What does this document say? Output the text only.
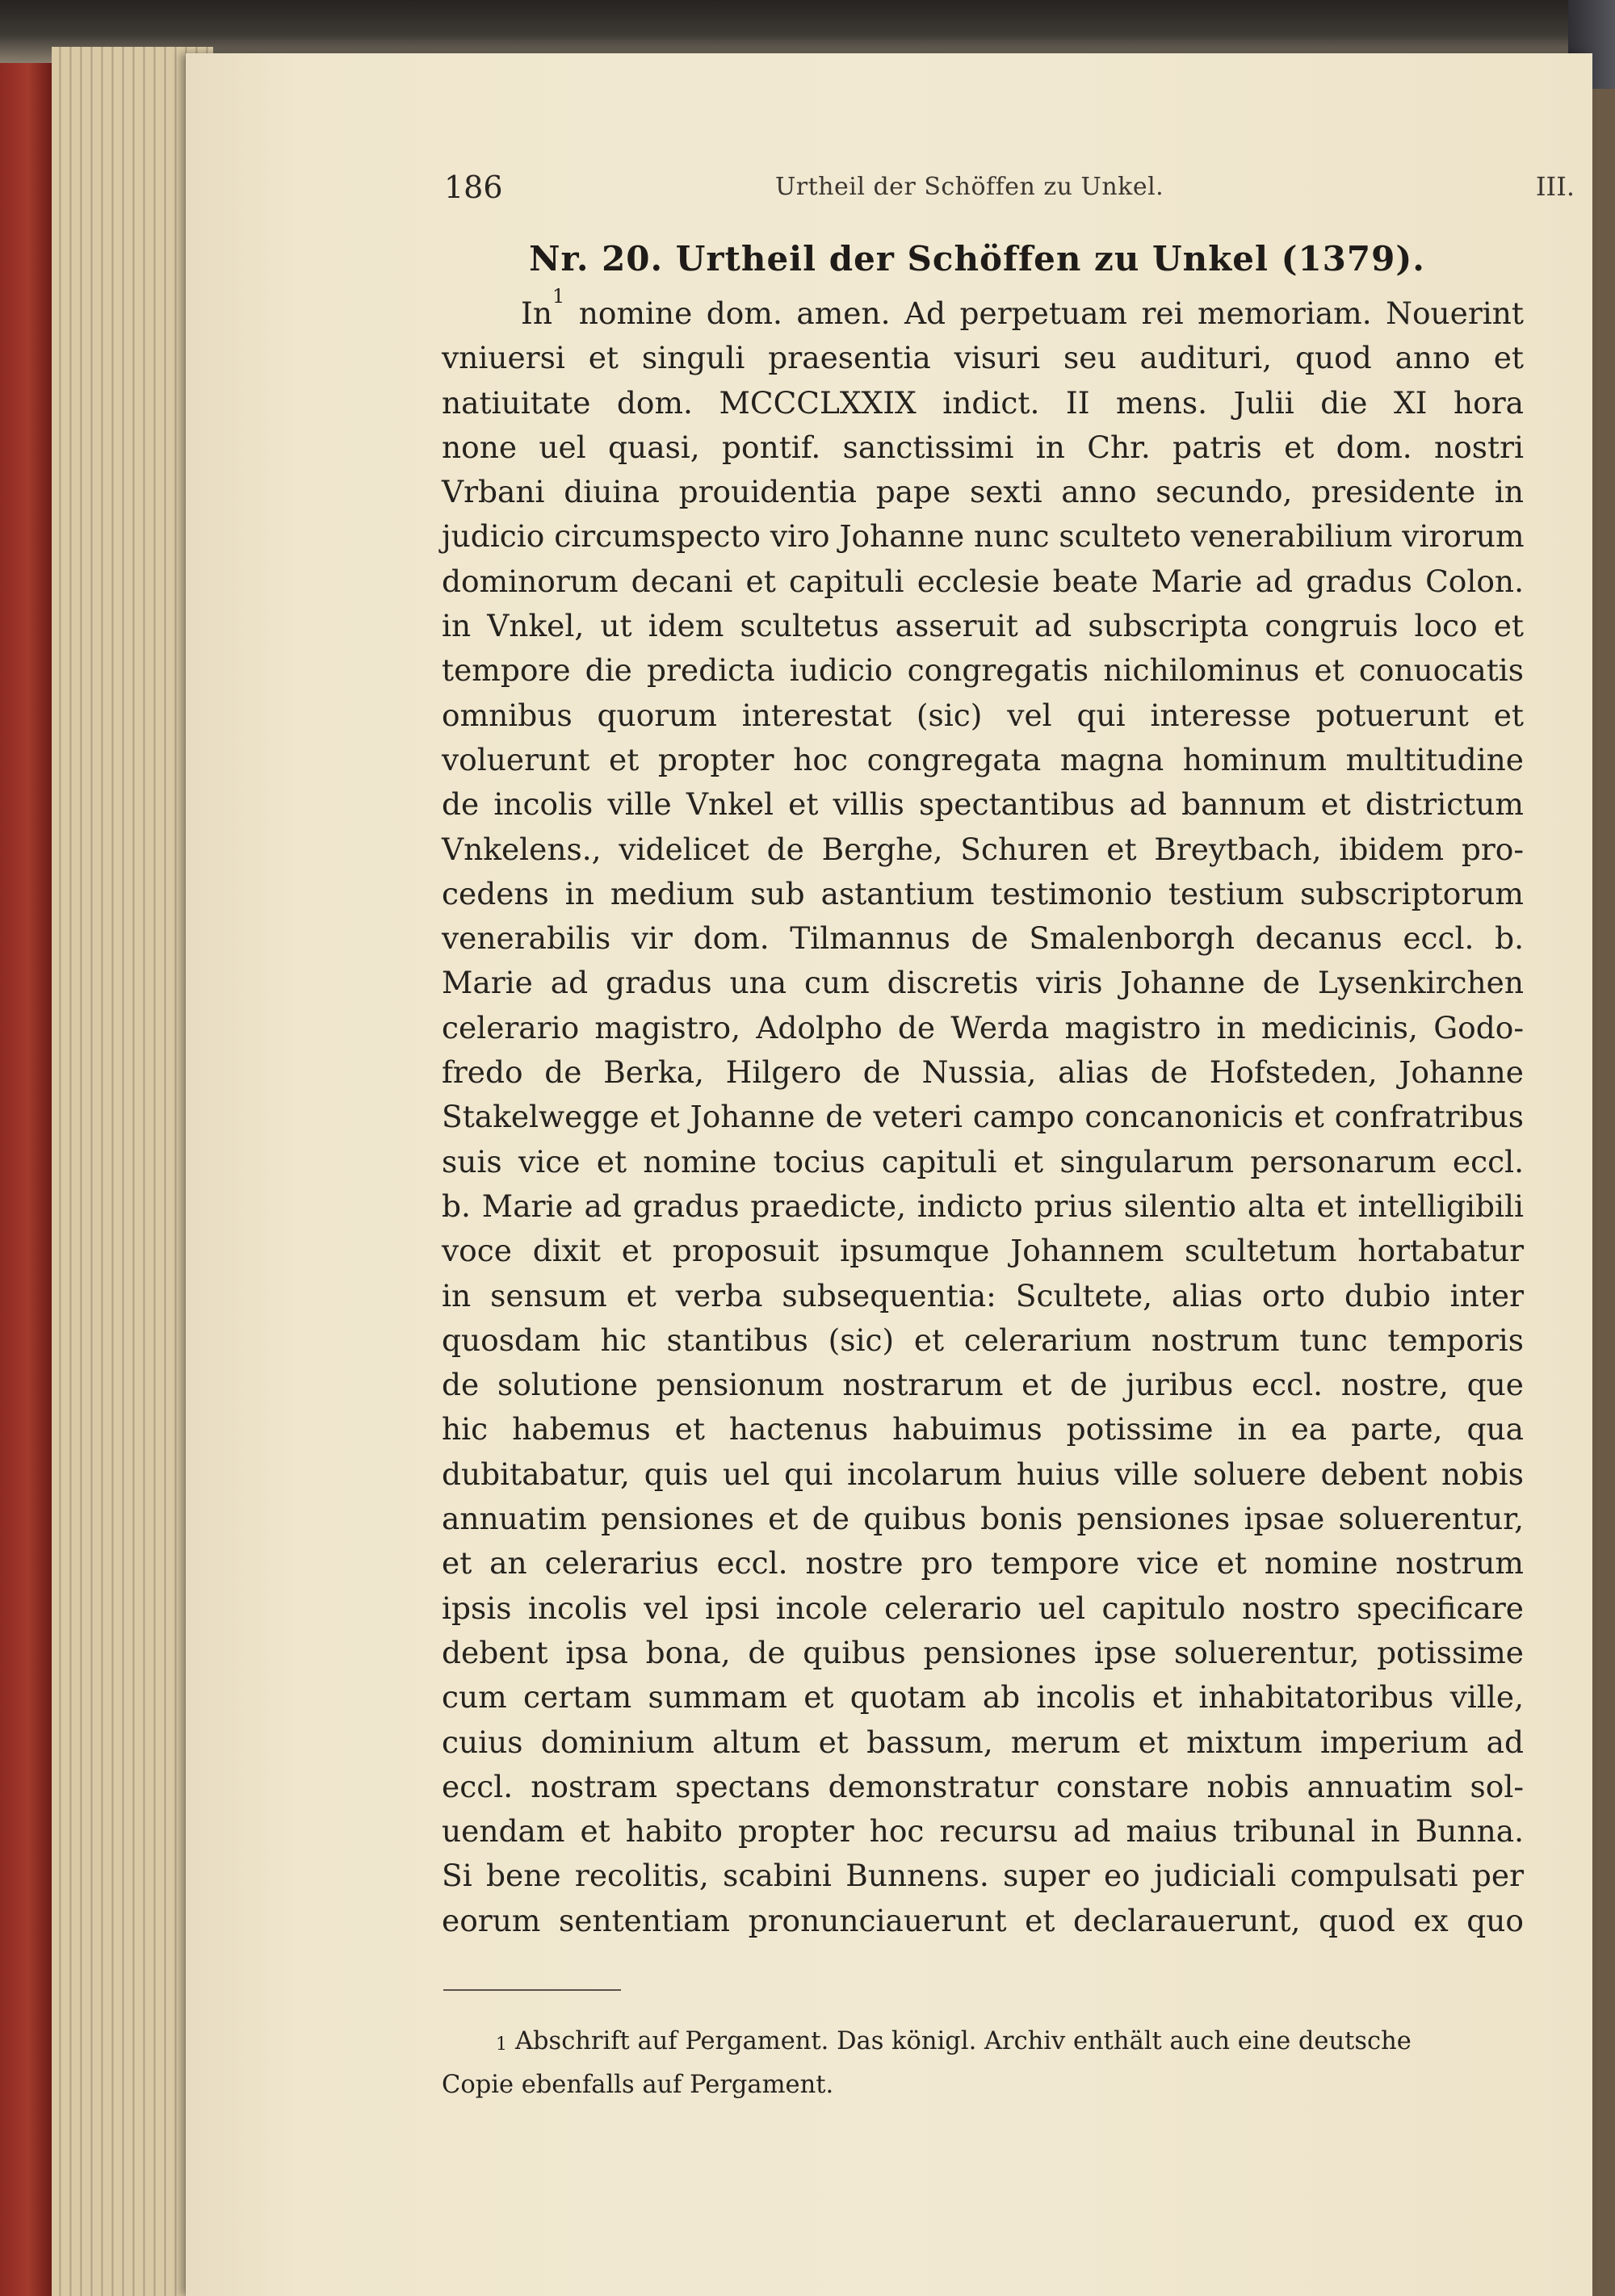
186	Urtheil der Schöffen zu Unkel.	III.
Nr. 20. Urtheil der Schöffen zu Unkel (1379).
In$^1$ nomine dom. amen. Ad perpetuam rei memoriam. Nouerint
vniuersi et singuli praesentia visuri seu audituri, quod anno et
natiuitate dom. MCCCLXXIX indict. II mens. Julii die XI hora
none uel quasi, pontif. sanctissimi in Chr. patris et dom. nostri
Vrbani diuina prouidentia pape sexti anno secundo, presidente in
judicio circumspecto viro Johanne nunc sculteto venerabilium virorum
dominorum decani et capituli ecclesie beate Marie ad gradus Colon.
in Vnkel, ut idem scultetus asseruit ad subscripta congruis loco et
tempore die predicta iudicio congregatis nichilominus et conuocatis
omnibus quorum interestat (sic) vel qui interesse potuerunt et
voluerunt et propter hoc congregata magna hominum multitudine
de incolis ville Vnkel et villis spectantibus ad bannum et districtum
Vnkelens., videlicet de Berghe, Schuren et Breytbach, ibidem pro-
cedens in medium sub astantium testimonio testium subscriptorum
venerabilis vir dom. Tilmannus de Smalenborgh decanus eccl. b.
Marie ad gradus una cum discretis viris Johanne de Lysenkirchen
celerario magistro, Adolpho de Werda magistro in medicinis, Godo-
fredo de Berka, Hilgero de Nussia, alias de Hofsteden, Johanne
Stakelwegge et Johanne de veteri campo concanonicis et confratribus
suis vice et nomine tocius capituli et singularum personarum eccl.
b. Marie ad gradus praedicte, indicto prius silentio alta et intelligibili
voce dixit et proposuit ipsumque Johannem scultetum hortabatur
in sensum et verba subsequentia: Scultete, alias orto dubio inter
quosdam hic stantibus (sic) et celerarium nostrum tunc temporis
de solutione pensionum nostrarum et de juribus eccl. nostre, que
hic habemus et hactenus habuimus potissime in ea parte, qua
dubitabatur, quis uel qui incolarum huius ville soluere debent nobis
annuatim pensiones et de quibus bonis pensiones ipsae soluerentur,
et an celerarius eccl. nostre pro tempore vice et nomine nostrum
ipsis incolis vel ipsi incole celerario uel capitulo nostro specificare
debent ipsa bona, de quibus pensiones ipse soluerentur, potissime
cum certam summam et quotam ab incolis et inhabitatoribus ville,
cuius dominium altum et bassum, merum et mixtum imperium ad
eccl. nostram spectans demonstratur constare nobis annuatim sol-
uendam et habito propter hoc recursu ad maius tribunal in Bunna.
Si bene recolitis, scabini Bunnens. super eo judiciali compulsati per
eorum sententiam pronunciauerunt et declarauerunt, quod ex quo
$^1$ Abschrift auf Pergament. Das königl. Archiv enthält auch eine deutsche
Copie ebenfalls auf Pergament.
